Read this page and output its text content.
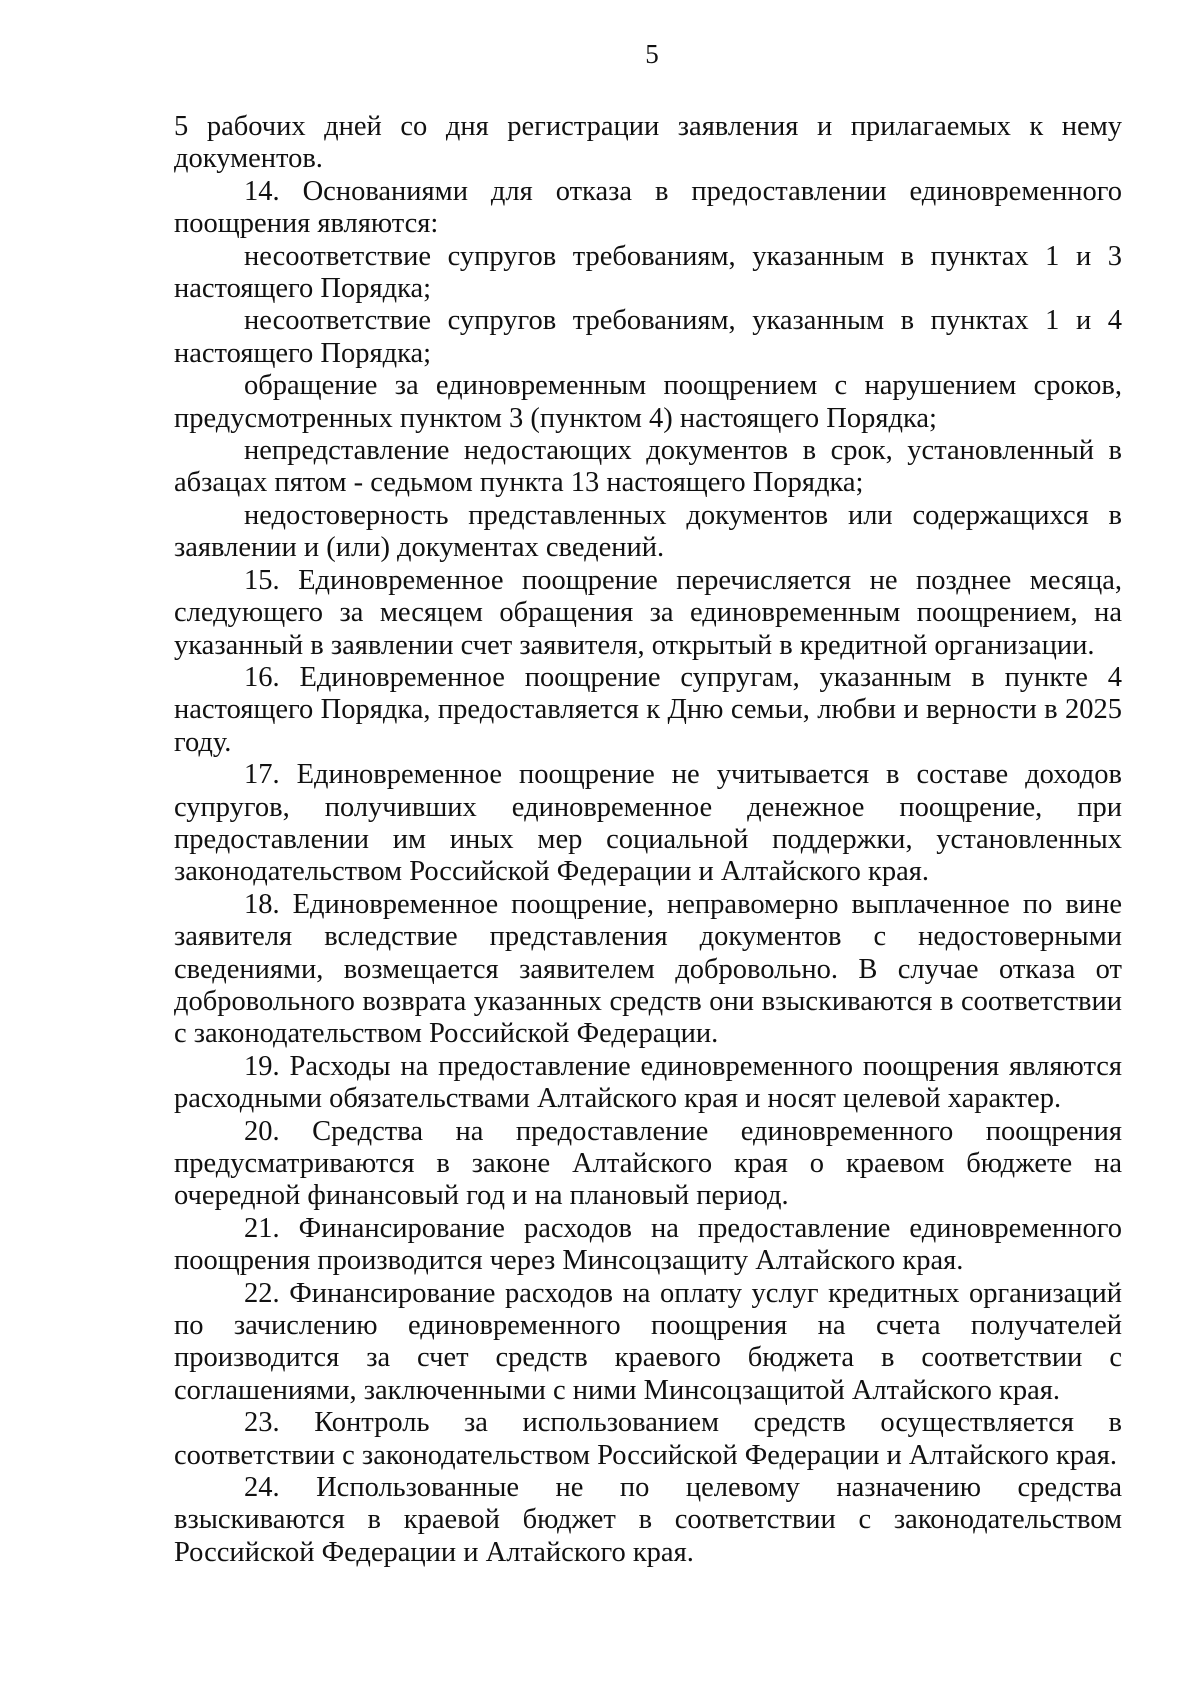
5

5 рабочих дней со дня регистрации заявления и прилагаемых к нему документов.

14. Основаниями для отказа в предоставлении единовременного поощрения являются:

несоответствие супругов требованиям, указанным в пунктах 1 и 3 настоящего Порядка;

несоответствие супругов требованиям, указанным в пунктах 1 и 4 настоящего Порядка;

обращение за единовременным поощрением с нарушением сроков, предусмотренных пунктом 3 (пунктом 4) настоящего Порядка;

непредставление недостающих документов в срок, установленный в абзацах пятом - седьмом пункта 13 настоящего Порядка;

недостоверность представленных документов или содержащихся в заявлении и (или) документах сведений.

15. Единовременное поощрение перечисляется не позднее месяца, следующего за месяцем обращения за единовременным поощрением, на указанный в заявлении счет заявителя, открытый в кредитной организации.

16. Единовременное поощрение супругам, указанным в пункте 4 настоящего Порядка, предоставляется к Дню семьи, любви и верности в 2025 году.

17. Единовременное поощрение не учитывается в составе доходов супругов, получивших единовременное денежное поощрение, при предоставлении им иных мер социальной поддержки, установленных законодательством Российской Федерации и Алтайского края.

18. Единовременное поощрение, неправомерно выплаченное по вине заявителя вследствие представления документов с недостоверными сведениями, возмещается заявителем добровольно. В случае отказа от добровольного возврата указанных средств они взыскиваются в соответствии с законодательством Российской Федерации.

19. Расходы на предоставление единовременного поощрения являются расходными обязательствами Алтайского края и носят целевой характер.

20. Средства на предоставление единовременного поощрения предусматриваются в законе Алтайского края о краевом бюджете на очередной финансовый год и на плановый период.

21. Финансирование расходов на предоставление единовременного поощрения производится через Минсоцзащиту Алтайского края.

22. Финансирование расходов на оплату услуг кредитных организаций по зачислению единовременного поощрения на счета получателей производится за счет средств краевого бюджета в соответствии с соглашениями, заключенными с ними Минсоцзащитой Алтайского края.

23. Контроль за использованием средств осуществляется в соответствии с законодательством Российской Федерации и Алтайского края.

24. Использованные не по целевому назначению средства взыскиваются в краевой бюджет в соответствии с законодательством Российской Федерации и Алтайского края.
